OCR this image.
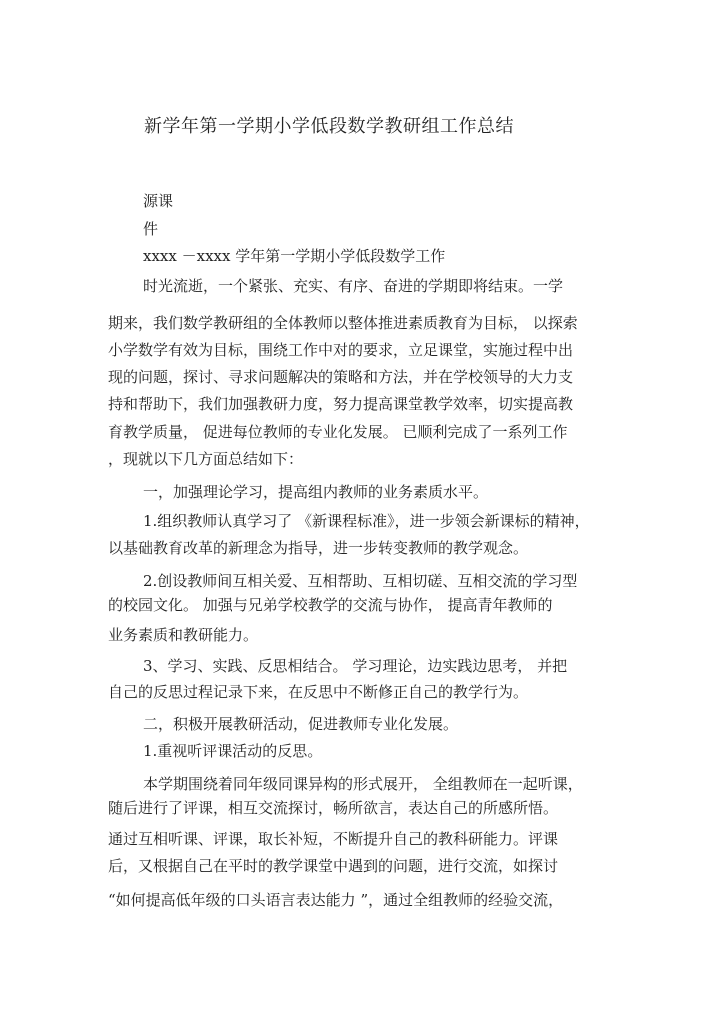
新学年第一学期小学低段数学教研组工作总结
源课
件
xxxx －xxxx 学年第一学期小学低段数学工作
时光流逝，一个紧张、充实、有序、奋进的学期即将结束。一学
期来，我们数学教研组的全体教师以整体推进素质教育为目标， 以探索
小学数学有效为目标，围绕工作中对的要求，立足课堂，实施过程中出
现的问题，探讨、寻求问题解决的策略和方法，并在学校领导的大力支
持和帮助下，我们加强教研力度，努力提高课堂教学效率，切实提高教
育教学质量， 促进每位教师的专业化发展。 已顺利完成了一系列工作
，现就以下几方面总结如下：
一，加强理论学习，提高组内教师的业务素质水平。
1.组织教师认真学习了 《新课程标准》，进一步领会新课标的精神，
以基础教育改革的新理念为指导，进一步转变教师的教学观念。
2.创设教师间互相关爱、互相帮助、互相切磋、互相交流的学习型
的校园文化。 加强与兄弟学校教学的交流与协作， 提高青年教师的
业务素质和教研能力。
3、学习、实践、反思相结合。 学习理论，边实践边思考， 并把
自己的反思过程记录下来，在反思中不断修正自己的教学行为。
二，积极开展教研活动，促进教师专业化发展。
1.重视听评课活动的反思。
本学期围绕着同年级同课异构的形式展开， 全组教师在一起听课，
随后进行了评课，相互交流探讨，畅所欲言，表达自己的所感所悟。
通过互相听课、评课，取长补短，不断提升自己的教科研能力。评课
后，又根据自己在平时的教学课堂中遇到的问题，进行交流，如探讨
“如何提高低年级的口头语言表达能力 ”，通过全组教师的经验交流，
